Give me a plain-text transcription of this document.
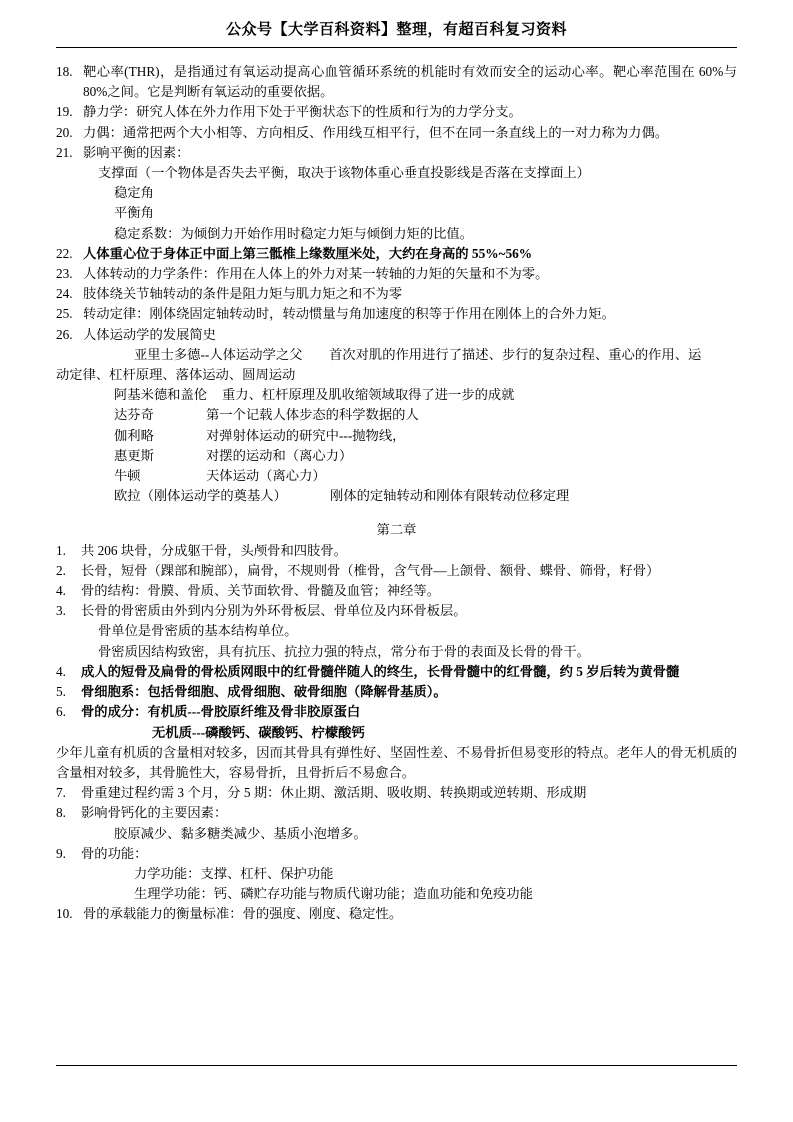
公众号【大学百科资料】整理，有超百科复习资料
18. 靶心率(THR)，是指通过有氧运动提高心血管循环系统的机能时有效而安全的运动心率。靶心率范围在 60%与 80%之间。它是判断有氧运动的重要依据。
19. 静力学：研究人体在外力作用下处于平衡状态下的性质和行为的力学分支。
20. 力偶：通常把两个大小相等、方向相反、作用线互相平行，但不在同一条直线上的一对力称为力偶。
21. 影响平衡的因素：

支撑面（一个物体是否失去平衡，取决于该物体重心垂直投影线是否落在支撑面上）

稳定角

平衡角

稳定系数：为倾倒力开始作用时稳定力矩与倾倒力矩的比值。

22. 人体重心位于身体正中面上第三骶椎上缘数厘米处，大约在身高的 55%~56%
23. 人体转动的力学条件：作用在人体上的外力对某一转轴的力矩的矢量和不为零。
24. 肢体绕关节轴转动的条件是阻力矩与肌力矩之和不为零
25. 转动定律：刚体绕固定轴转动时，转动惯量与角加速度的积等于作用在刚体上的合外力矩。
26. 人体运动学的发展简史

亚里士多德--人体运动学之父　　首次对肌的作用进行了描述、步行的复杂过程、重心的作用、运

动定律、杠杆原理、落体运动、圆周运动

阿基米德和盖伦	重力、杠杆原理及肌收缩领域取得了进一步的成就
达芬奇	第一个记载人体步态的科学数据的人
伽利略	对弹射体运动的研究中---抛物线，
惠更斯	对摆的运动和（离心力）
牛顿	天体运动（离心力）
欧拉（刚体运动学的奠基人）	刚体的定轴转动和刚体有限转动位移定理

第二章

1.	共 206 块骨，分成躯干骨，头颅骨和四肢骨。
2.	长骨，短骨（踝部和腕部），扁骨，不规则骨（椎骨，含气骨—上颌骨、额骨、蝶骨、筛骨，籽骨）
4.	骨的结构：骨膜、骨质、关节面软骨、骨髓及血管；神经等。
3.	长骨的骨密质由外到内分别为外环骨板层、骨单位及内环骨板层。

骨单位是骨密质的基本结构单位。

骨密质因结构致密，具有抗压、抗拉力强的特点，常分布于骨的表面及长骨的骨干。

4.	成人的短骨及扁骨的骨松质网眼中的红骨髓伴随人的终生，长骨骨髓中的红骨髓，约 5 岁后转为黄骨髓
5.	骨细胞系：包括骨细胞、成骨细胞、破骨细胞（降解骨基质）。
6.	骨的成分：有机质---骨胶原纤维及骨非胶原蛋白

无机质---磷酸钙、碳酸钙、柠檬酸钙

少年儿童有机质的含量相对较多，因而其骨具有弹性好、坚固性差、不易骨折但易变形的特点。老年人的骨无机质的含量相对较多，其骨脆性大，容易骨折，且骨折后不易愈合。

7.	骨重建过程约需 3 个月，分 5 期：休止期、激活期、吸收期、转换期或逆转期、形成期
8.	影响骨钙化的主要因素：

胶原减少、黏多糖类减少、基质小泡增多。

9.	骨的功能：

力学功能：支撑、杠杆、保护功能

生理学功能：钙、磷贮存功能与物质代谢功能；造血功能和免疫功能

10. 骨的承载能力的衡量标准：骨的强度、刚度、稳定性。
